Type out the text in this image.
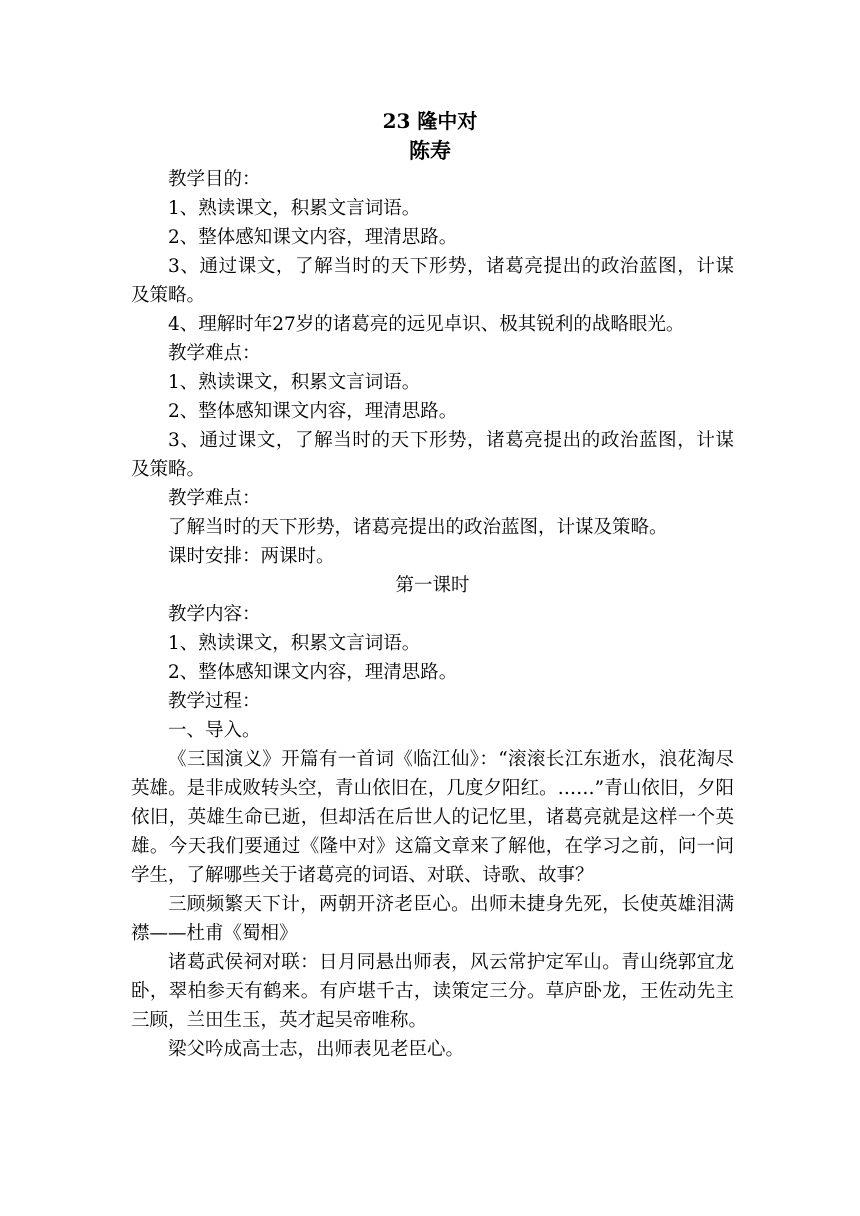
23 隆中对
陈寿

教学目的：

1、熟读课文，积累文言词语。

2、整体感知课文内容，理清思路。

3、通过课文，了解当时的天下形势，诸葛亮提出的政治蓝图，计谋及策略。

4、理解时年27岁的诸葛亮的远见卓识、极其锐利的战略眼光。

教学难点：

1、熟读课文，积累文言词语。

2、整体感知课文内容，理清思路。

3、通过课文，了解当时的天下形势，诸葛亮提出的政治蓝图，计谋及策略。

教学难点：

了解当时的天下形势，诸葛亮提出的政治蓝图，计谋及策略。

课时安排：两课时。

第一课时

教学内容：

1、熟读课文，积累文言词语。

2、整体感知课文内容，理清思路。

教学过程：

一、导入。

《三国演义》开篇有一首词《临江仙》：“滚滚长江东逝水，浪花淘尽英雄。是非成败转头空，青山依旧在，几度夕阳红。……”青山依旧，夕阳依旧，英雄生命已逝，但却活在后世人的记忆里，诸葛亮就是这样一个英雄。今天我们要通过《隆中对》这篇文章来了解他，在学习之前，问一问学生，了解哪些关于诸葛亮的词语、对联、诗歌、故事？

三顾频繁天下计，两朝开济老臣心。出师未捷身先死，长使英雄泪满襟——杜甫《蜀相》

诸葛武侯祠对联：日月同悬出师表，风云常护定军山。青山绕郭宜龙卧，翠柏参天有鹤来。有庐堪千古，读策定三分。草庐卧龙，王佐动先主三顾，兰田生玉，英才起吴帝唯称。

梁父吟成高士志，出师表见老臣心。
